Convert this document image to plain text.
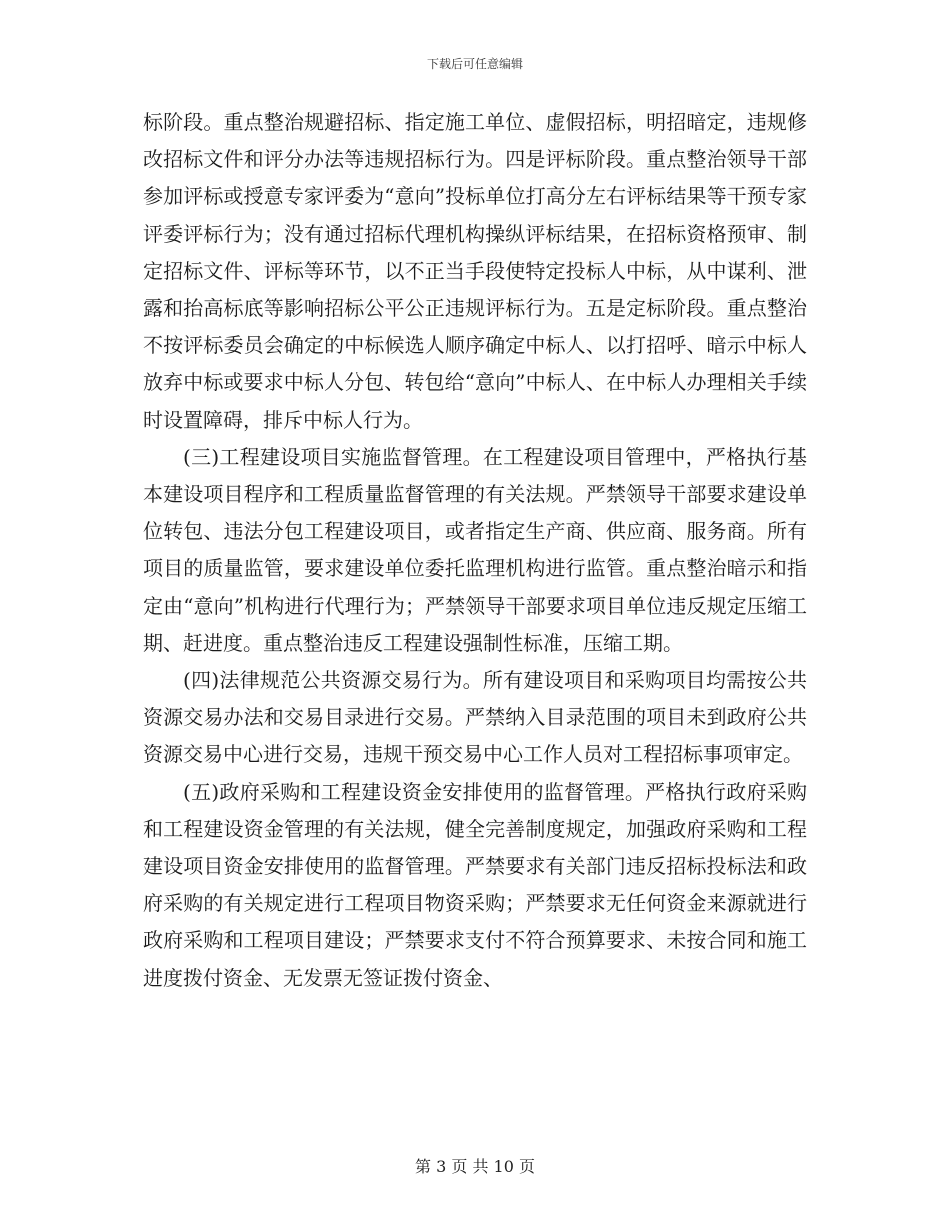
下载后可任意编辑

标阶段。重点整治规避招标、指定施工单位、虚假招标，明招暗定，违规修改招标文件和评分办法等违规招标行为。四是评标阶段。重点整治领导干部参加评标或授意专家评委为“意向”投标单位打高分左右评标结果等干预专家评委评标行为；没有通过招标代理机构操纵评标结果，在招标资格预审、制定招标文件、评标等环节，以不正当手段使特定投标人中标，从中谋利、泄露和抬高标底等影响招标公平公正违规评标行为。五是定标阶段。重点整治不按评标委员会确定的中标候选人顺序确定中标人、以打招呼、暗示中标人放弃中标或要求中标人分包、转包给“意向”中标人、在中标人办理相关手续时设置障碍，排斥中标人行为。

(三)工程建设项目实施监督管理。在工程建设项目管理中，严格执行基本建设项目程序和工程质量监督管理的有关法规。严禁领导干部要求建设单位转包、违法分包工程建设项目，或者指定生产商、供应商、服务商。所有项目的质量监管，要求建设单位委托监理机构进行监管。重点整治暗示和指定由“意向”机构进行代理行为；严禁领导干部要求项目单位违反规定压缩工期、赶进度。重点整治违反工程建设强制性标准，压缩工期。

(四)法律规范公共资源交易行为。所有建设项目和采购项目均需按公共资源交易办法和交易目录进行交易。严禁纳入目录范围的项目未到政府公共资源交易中心进行交易，违规干预交易中心工作人员对工程招标事项审定。

(五)政府采购和工程建设资金安排使用的监督管理。严格执行政府采购和工程建设资金管理的有关法规，健全完善制度规定，加强政府采购和工程建设项目资金安排使用的监督管理。严禁要求有关部门违反招标投标法和政府采购的有关规定进行工程项目物资采购；严禁要求无任何资金来源就进行政府采购和工程项目建设；严禁要求支付不符合预算要求、未按合同和施工进度拨付资金、无发票无签证拨付资金、

第 3 页 共 10 页
